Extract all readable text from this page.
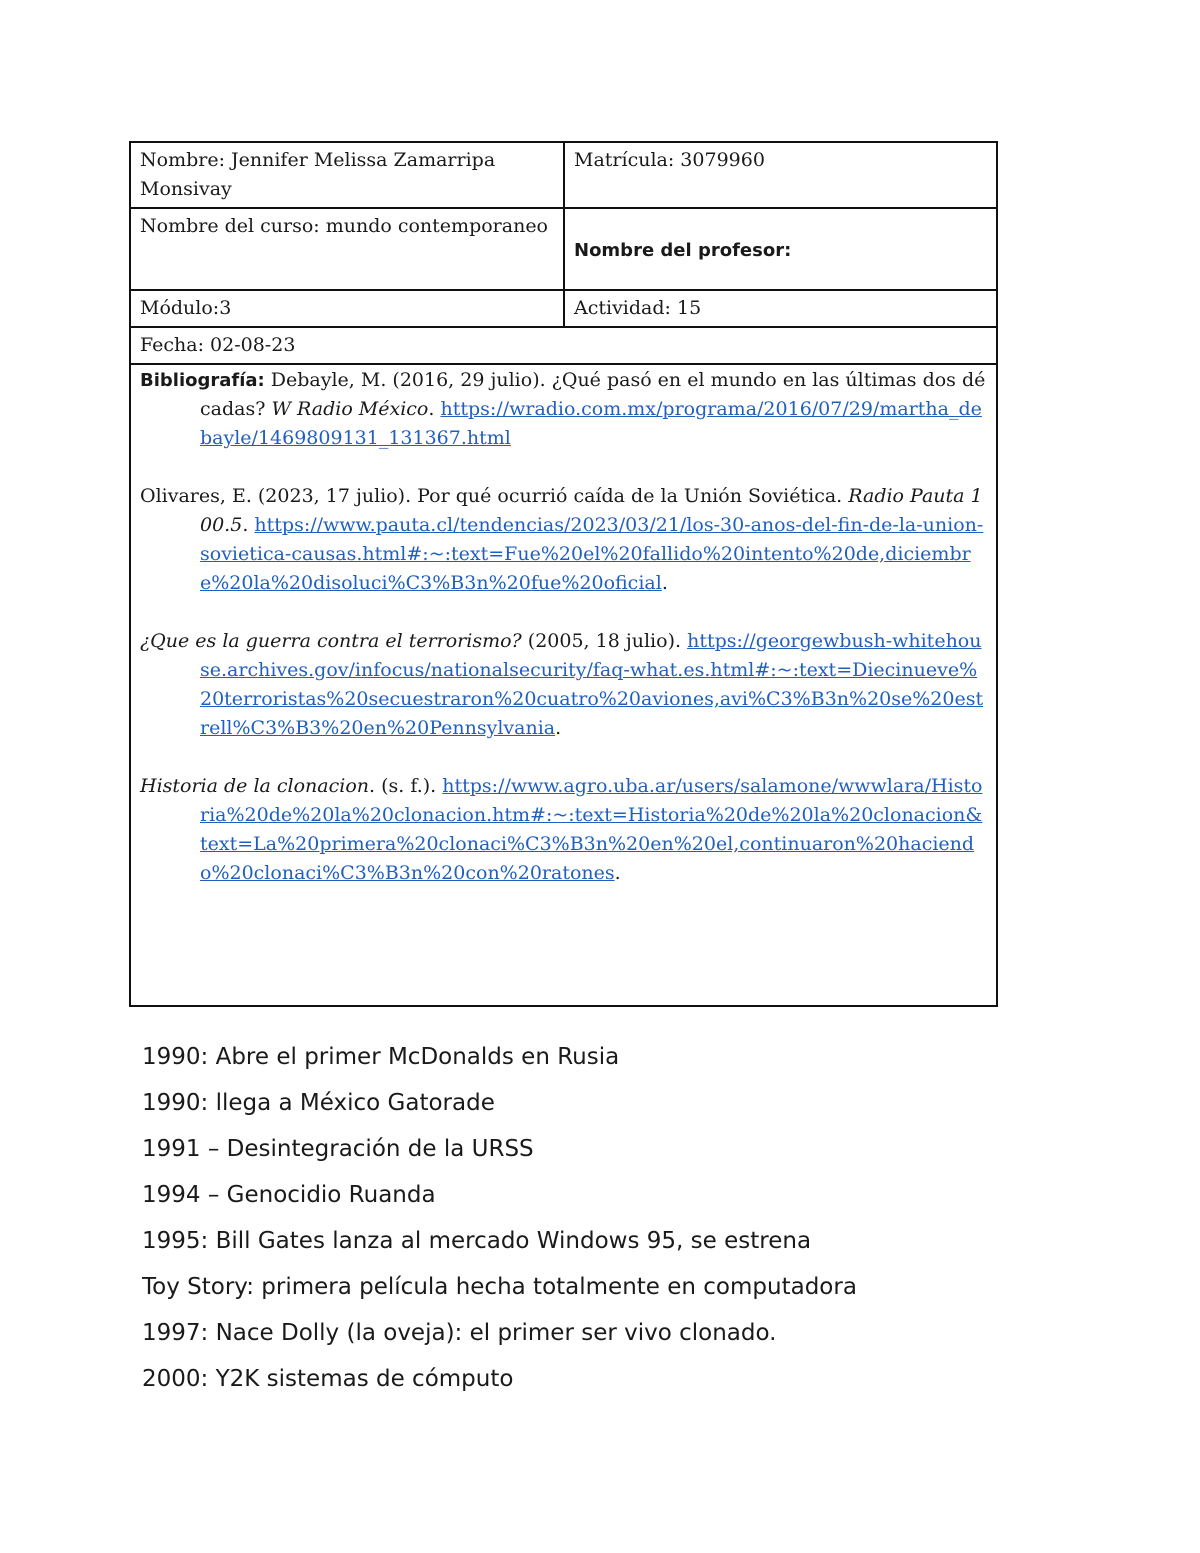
Nombre: Jennifer Melissa Zamarripa Monsivay	Matrícula: 3079960
Nombre del curso: mundo contemporaneo	Nombre del profesor:

Módulo:3	Actividad: 15
Fecha: 02-08-23	

Bibliografía: Debayle, M. (2016, 29 julio). ¿Qué pasó en el mundo en las últimas dos décadas? W Radio México. https://wradio.com.mx/programa/2016/07/29/martha_debayle/1469809131_131367.html

Olivares, E. (2023, 17 julio). Por qué ocurrió caída de la Unión Soviética. Radio Pauta 100.5. https://www.pauta.cl/tendencias/2023/03/21/los-30-anos-del-fin-de-la-union-sovietica-causas.html#:~:text=Fue%20el%20fallido%20intento%20de,diciembre%20la%20disoluci%C3%B3n%20fue%20oficial.

¿Que es la guerra contra el terrorismo? (2005, 18 julio). https://georgewbush-whitehouse.archives.gov/infocus/nationalsecurity/faq-what.es.html#:~:text=Diecinueve%20terroristas%20secuestraron%20cuatro%20aviones,avi%C3%B3n%20se%20estrell%C3%B3%20en%20Pennsylvania.

Historia de la clonacion. (s. f.). https://www.agro.uba.ar/users/salamone/wwwlara/Historia%20de%20la%20clonacion.htm#:~:text=Historia%20de%20la%20clonacion&text=La%20primera%20clonaci%C3%B3n%20en%20el,continuaron%20haciendo%20clonaci%C3%B3n%20con%20ratones.	

1990: Abre el primer McDonalds en Rusia

1990: llega a México Gatorade

1991 – Desintegración de la URSS

1994 – Genocidio Ruanda

1995: Bill Gates lanza al mercado Windows 95, se estrena

Toy Story: primera película hecha totalmente en computadora

1997: Nace Dolly (la oveja): el primer ser vivo clonado.

2000: Y2K sistemas de cómputo
